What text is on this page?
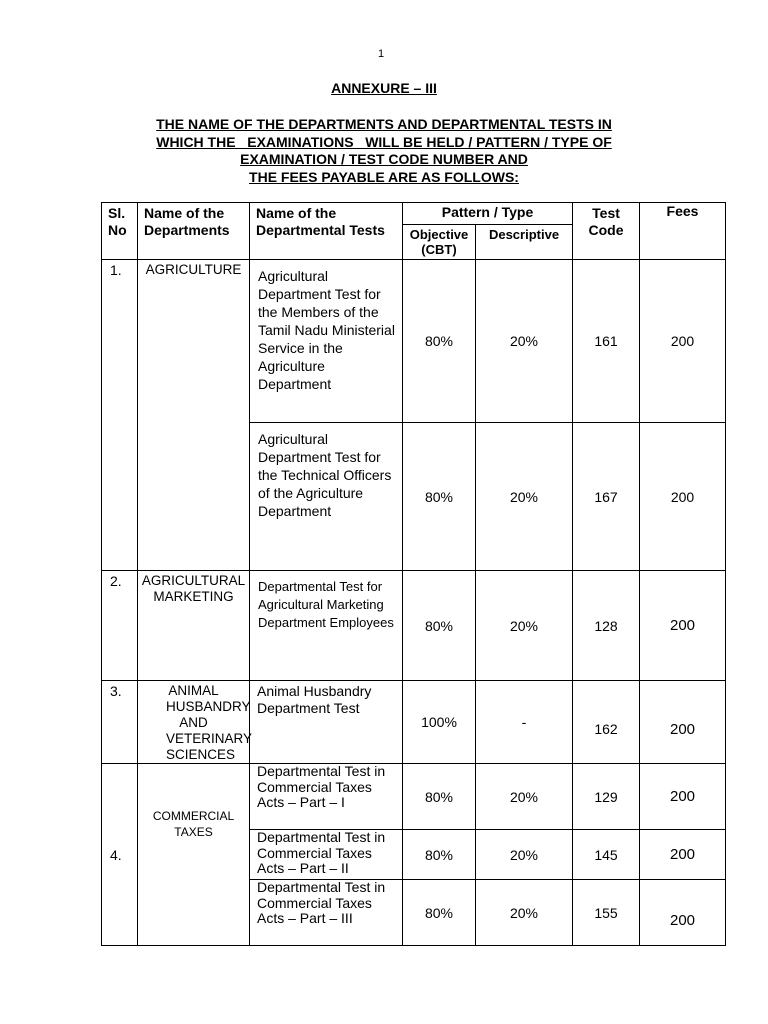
1
ANNEXURE – III
THE NAME OF THE DEPARTMENTS AND DEPARTMENTAL TESTS IN
WHICH THE   EXAMINATIONS   WILL BE HELD / PATTERN / TYPE OF
EXAMINATION / TEST CODE NUMBER AND
THE FEES PAYABLE ARE AS FOLLOWS:
Sl. No	Name of the Departments	Name of the Departmental Tests	Pattern / Type		Test Code	Fees
			Objective (CBT)	Descriptive		
1.	AGRICULTURE	Agricultural Department Test for the Members of the Tamil Nadu Ministerial Service in the Agriculture Department	80%	20%	161	200
		Agricultural Department Test for the Technical Officers of the Agriculture Department	80%	20%	167	200
2.	AGRICULTURAL MARKETING	Departmental Test for Agricultural Marketing Department Employees	80%	20%	128	200
3.	ANIMAL HUSBANDRY AND VETERINARY SCIENCES	Animal Husbandry Department Test	100%	-	162	200
4.	COMMERCIAL TAXES	Departmental Test in Commercial Taxes Acts – Part – I	80%	20%	129	200
		Departmental Test in Commercial Taxes Acts – Part – II	80%	20%	145	200
		Departmental Test in Commercial Taxes Acts – Part – III	80%	20%	155	200
